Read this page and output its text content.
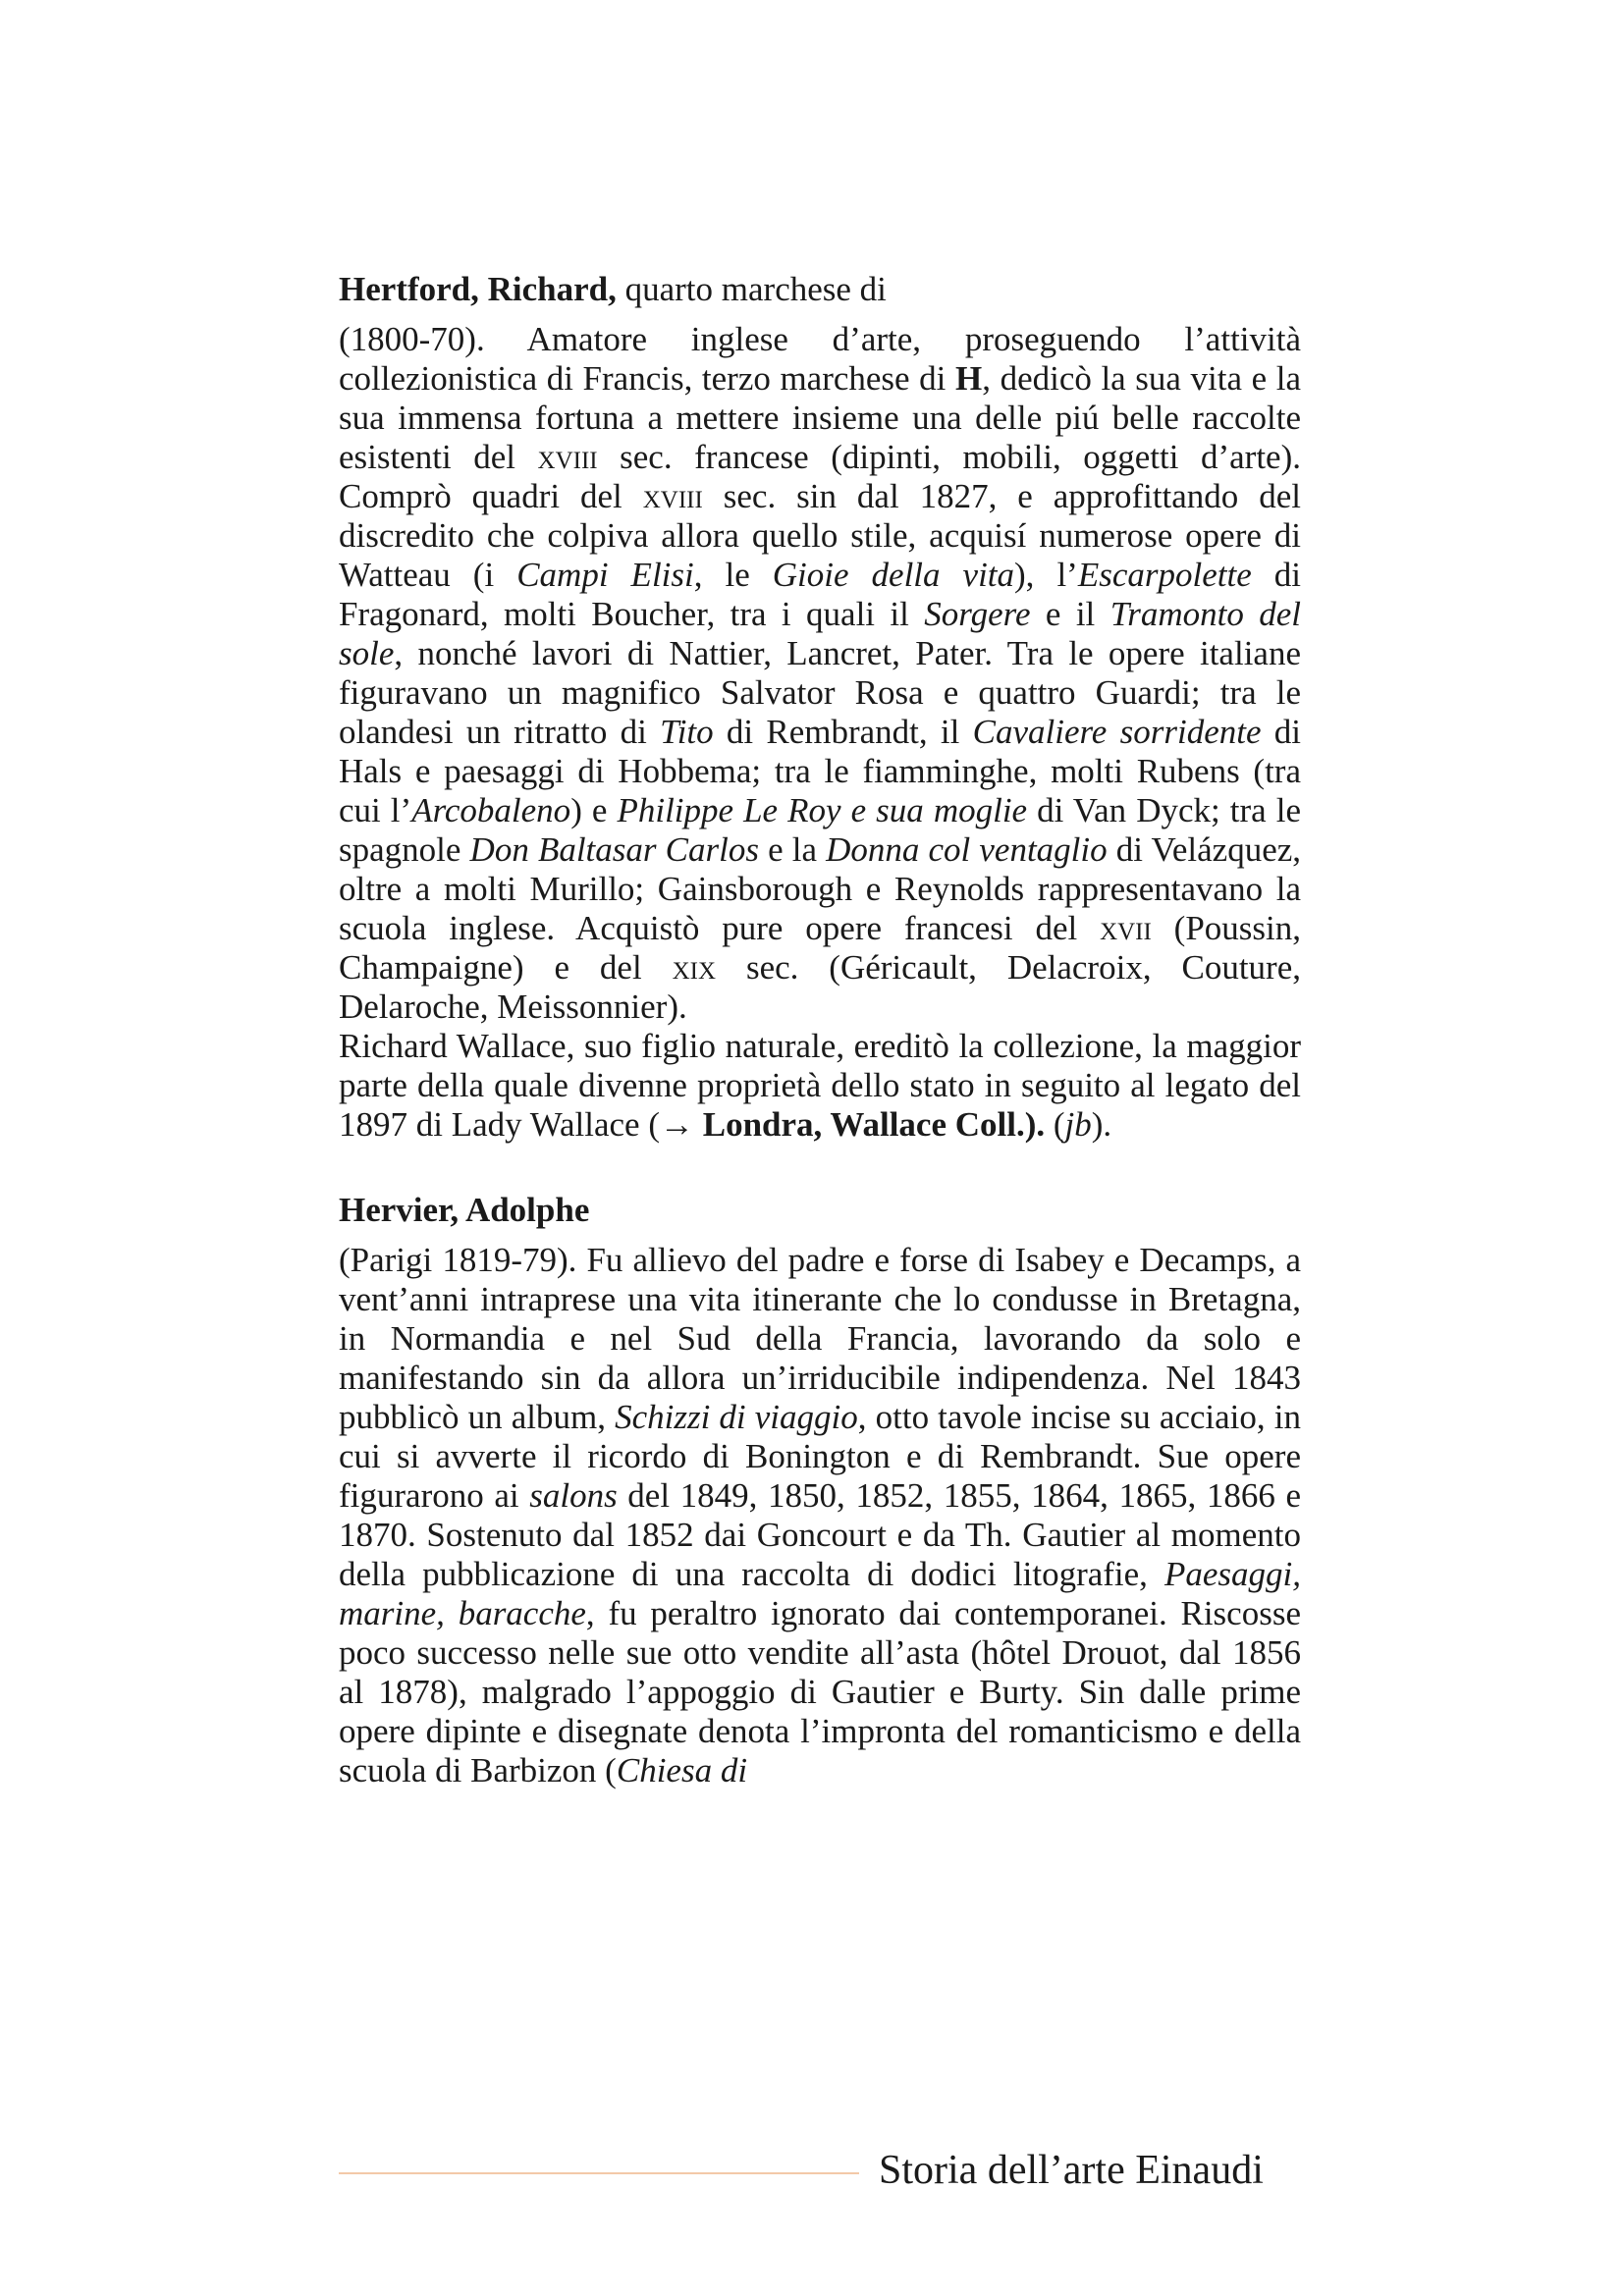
Hertford, Richard, quarto marchese di

(1800-70). Amatore inglese d’arte, proseguendo l’attività collezionistica di Francis, terzo marchese di H, dedicò la sua vita e la sua immensa fortuna a mettere insieme una delle piú belle raccolte esistenti del xviii sec. francese (dipinti, mobili, oggetti d’arte). Comprò quadri del xviii sec. sin dal 1827, e approfittando del discredito che colpiva allora quello stile, acquisí numerose opere di Watteau (i Campi Elisi, le Gioie della vita), l’Escarpolette di Fragonard, molti Boucher, tra i quali il Sorgere e il Tramonto del sole, nonché lavori di Nattier, Lancret, Pater. Tra le opere italiane figuravano un magnifico Salvator Rosa e quattro Guardi; tra le olandesi un ritratto di Tito di Rembrandt, il Cavaliere sorridente di Hals e paesaggi di Hobbema; tra le fiamminghe, molti Rubens (tra cui l’Arcobaleno) e Philippe Le Roy e sua moglie di Van Dyck; tra le spagnole Don Baltasar Carlos e la Donna col ventaglio di Velázquez, oltre a molti Murillo; Gainsborough e Reynolds rappresentavano la scuola inglese. Acquistò pure opere francesi del xvii (Poussin, Champaigne) e del xix sec. (Géricault, Delacroix, Couture, Delaroche, Meissonnier).

Richard Wallace, suo figlio naturale, ereditò la collezione, la maggior parte della quale divenne proprietà dello stato in seguito al legato del 1897 di Lady Wallace (→ Londra, Wallace Coll.). (jb).

Hervier, Adolphe

(Parigi 1819-79). Fu allievo del padre e forse di Isabey e Decamps, a vent’anni intraprese una vita itinerante che lo condusse in Bretagna, in Normandia e nel Sud della Francia, lavorando da solo e manifestando sin da allora un’irriducibile indipendenza. Nel 1843 pubblicò un album, Schizzi di viaggio, otto tavole incise su acciaio, in cui si avverte il ricordo di Bonington e di Rembrandt. Sue opere figurarono ai salons del 1849, 1850, 1852, 1855, 1864, 1865, 1866 e 1870. Sostenuto dal 1852 dai Goncourt e da Th. Gautier al momento della pubblicazione di una raccolta di dodici litografie, Paesaggi, marine, baracche, fu peraltro ignorato dai contemporanei. Riscosse poco successo nelle sue otto vendite all’asta (hôtel Drouot, dal 1856 al 1878), malgrado l’appoggio di Gautier e Burty. Sin dalle prime opere dipinte e disegnate denota l’impronta del romanticismo e della scuola di Barbizon (Chiesa di

Storia dell’arte Einaudi
